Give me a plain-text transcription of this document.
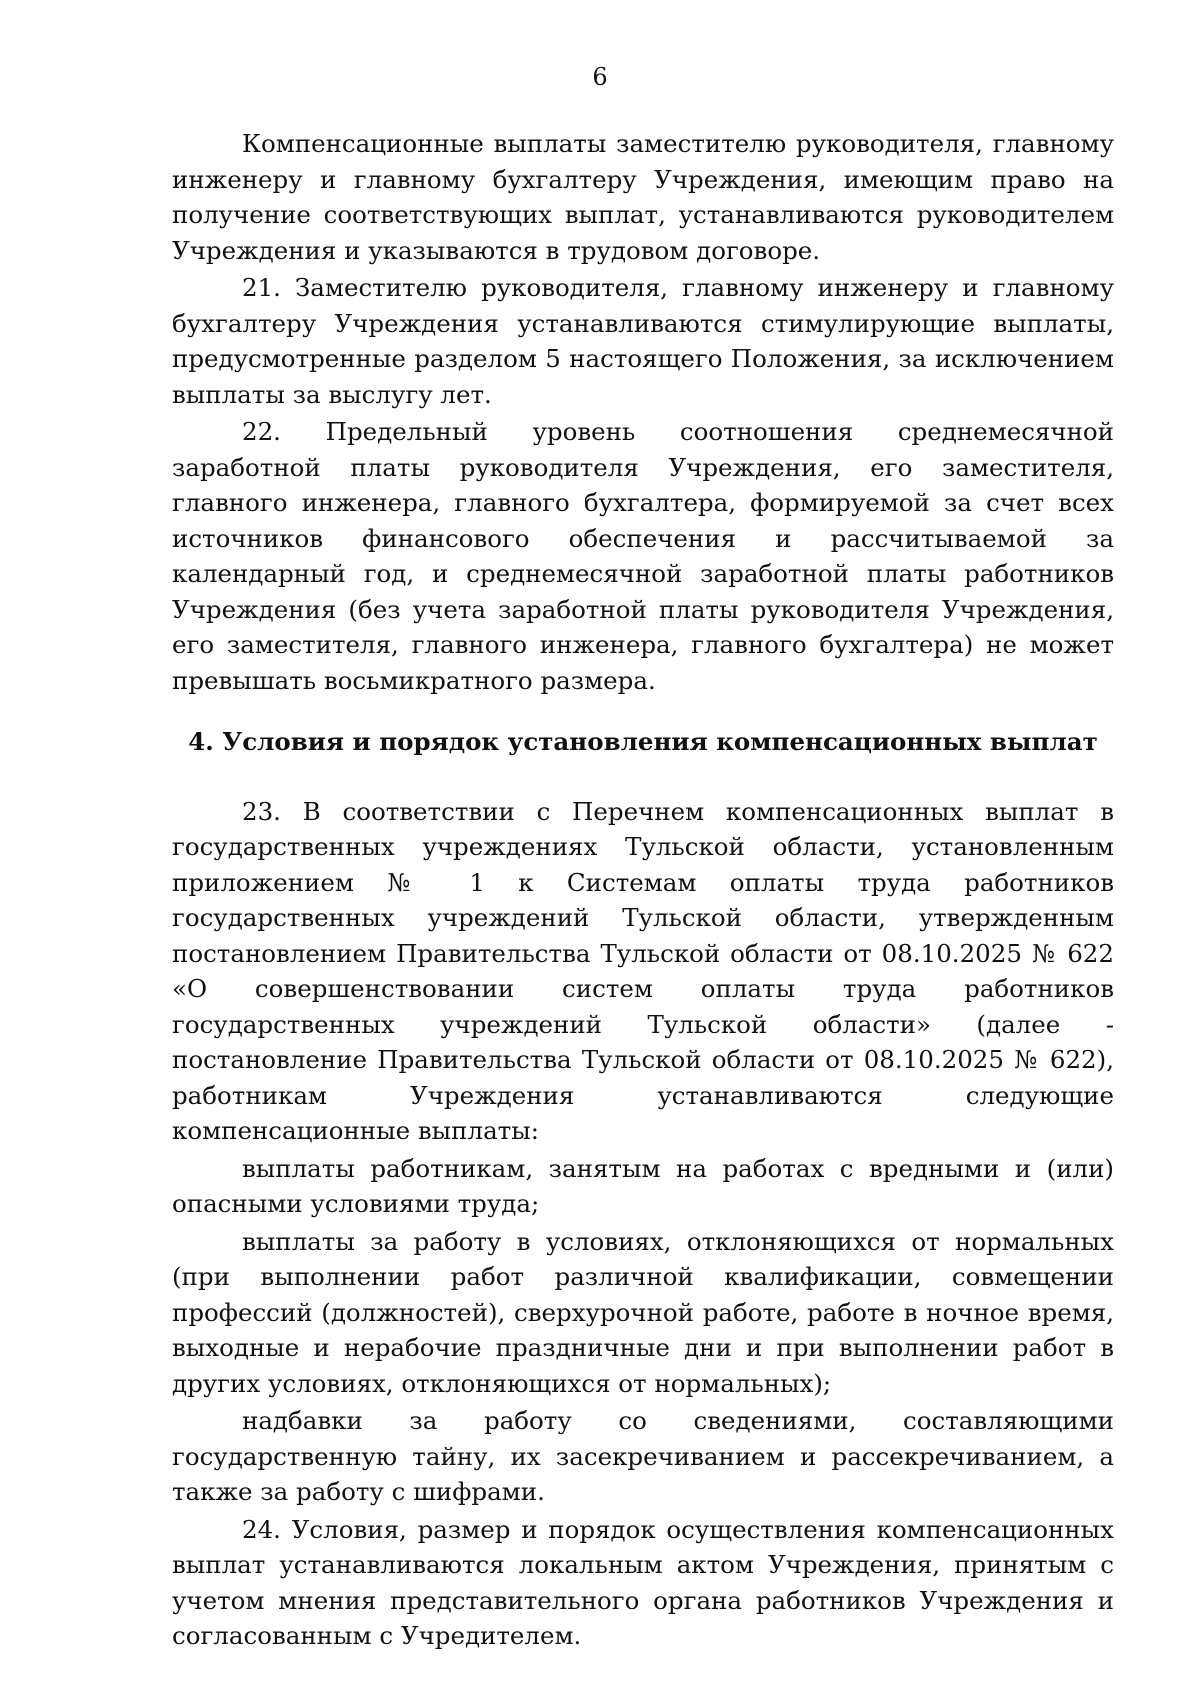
6

Компенсационные выплаты заместителю руководителя, главному инженеру и главному бухгалтеру Учреждения, имеющим право на получение соответствующих выплат, устанавливаются руководителем Учреждения и указываются в трудовом договоре.

21. Заместителю руководителя, главному инженеру и главному бухгалтеру Учреждения устанавливаются стимулирующие выплаты, предусмотренные разделом 5 настоящего Положения, за исключением выплаты за выслугу лет.

22. Предельный уровень соотношения среднемесячной заработной платы руководителя Учреждения, его заместителя, главного инженера, главного бухгалтера, формируемой за счет всех источников финансового обеспечения и рассчитываемой за календарный год, и среднемесячной заработной платы работников Учреждения (без учета заработной платы руководителя Учреждения, его заместителя, главного инженера, главного бухгалтера) не может превышать восьмикратного размера.

4. Условия и порядок установления компенсационных выплат

23. В соответствии с Перечнем компенсационных выплат в государственных учреждениях Тульской области, установленным приложением № 1 к Системам оплаты труда работников государственных учреждений Тульской области, утвержденным постановлением Правительства Тульской области от 08.10.2025 № 622 «О совершенствовании систем оплаты труда работников государственных учреждений Тульской области» (далее - постановление Правительства Тульской области от 08.10.2025 № 622), работникам Учреждения устанавливаются следующие компенсационные выплаты:

выплаты работникам, занятым на работах с вредными и (или) опасными условиями труда;

выплаты за работу в условиях, отклоняющихся от нормальных (при выполнении работ различной квалификации, совмещении профессий (должностей), сверхурочной работе, работе в ночное время, выходные и нерабочие праздничные дни и при выполнении работ в других условиях, отклоняющихся от нормальных);

надбавки за работу со сведениями, составляющими государственную тайну, их засекречиванием и рассекречиванием, а также за работу с шифрами.

24. Условия, размер и порядок осуществления компенсационных выплат устанавливаются локальным актом Учреждения, принятым с учетом мнения представительного органа работников Учреждения и согласованным с Учредителем.
